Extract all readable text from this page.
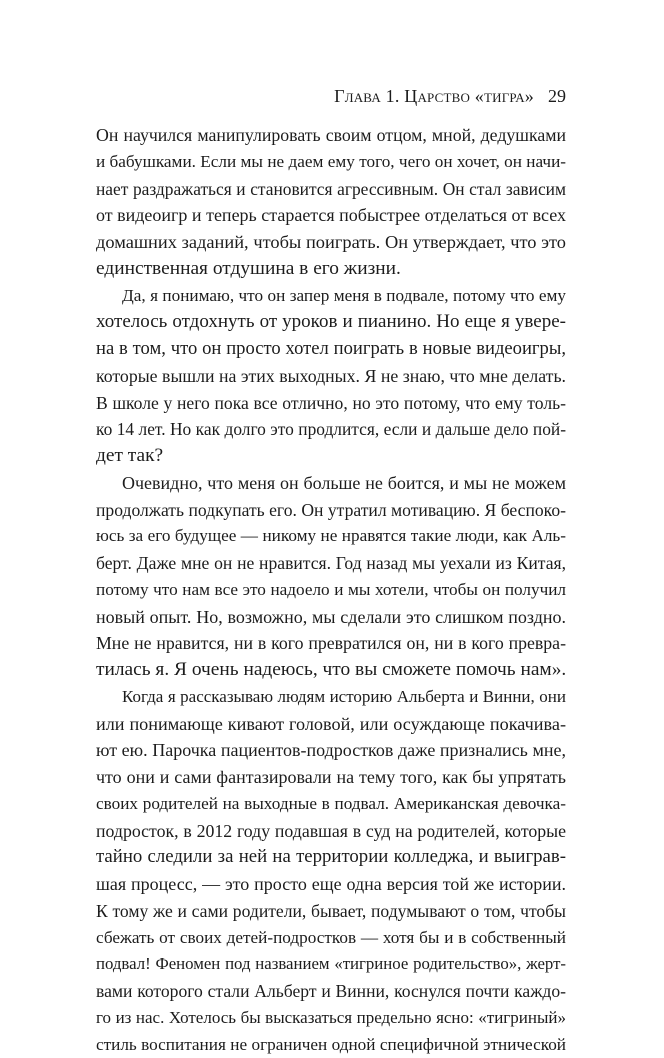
Глава 1. Царство «тигра» 29
Он научился манипулировать своим отцом, мной, дедушками
и бабушками. Если мы не даем ему того, чего он хочет, он начи-
нает раздражаться и становится агрессивным. Он стал зависим
от видеоигр и теперь старается побыстрее отделаться от всех
домашних заданий, чтобы поиграть. Он утверждает, что это
единственная отдушина в его жизни.
Да, я понимаю, что он запер меня в подвале, потому что ему
хотелось отдохнуть от уроков и пианино. Но еще я увере-
на в том, что он просто хотел поиграть в новые видеоигры,
которые вышли на этих выходных. Я не знаю, что мне делать.
В школе у него пока все отлично, но это потому, что ему толь-
ко 14 лет. Но как долго это продлится, если и дальше дело пой-
дет так?
Очевидно, что меня он больше не боится, и мы не можем
продолжать подкупать его. Он утратил мотивацию. Я беспоко-
юсь за его будущее — никому не нравятся такие люди, как Аль-
берт. Даже мне он не нравится. Год назад мы уехали из Китая,
потому что нам все это надоело и мы хотели, чтобы он получил
новый опыт. Но, возможно, мы сделали это слишком поздно.
Мне не нравится, ни в кого превратился он, ни в кого превра-
тилась я. Я очень надеюсь, что вы сможете помочь нам».
Когда я рассказываю людям историю Альберта и Винни, они
или понимающе кивают головой, или осуждающе покачива-
ют ею. Парочка пациентов-подростков даже признались мне,
что они и сами фантазировали на тему того, как бы упрятать
своих родителей на выходные в подвал. Американская девочка-
подросток, в 2012 году подавшая в суд на родителей, которые
тайно следили за ней на территории колледжа, и выиграв-
шая процесс, — это просто еще одна версия той же истории.
К тому же и сами родители, бывает, подумывают о том, чтобы
сбежать от своих детей-подростков — хотя бы и в собственный
подвал! Феномен под названием «тигриное родительство», жерт-
вами которого стали Альберт и Винни, коснулся почти каждо-
го из нас. Хотелось бы высказаться предельно ясно: «тигриный»
стиль воспитания не ограничен одной специфичной этнической
